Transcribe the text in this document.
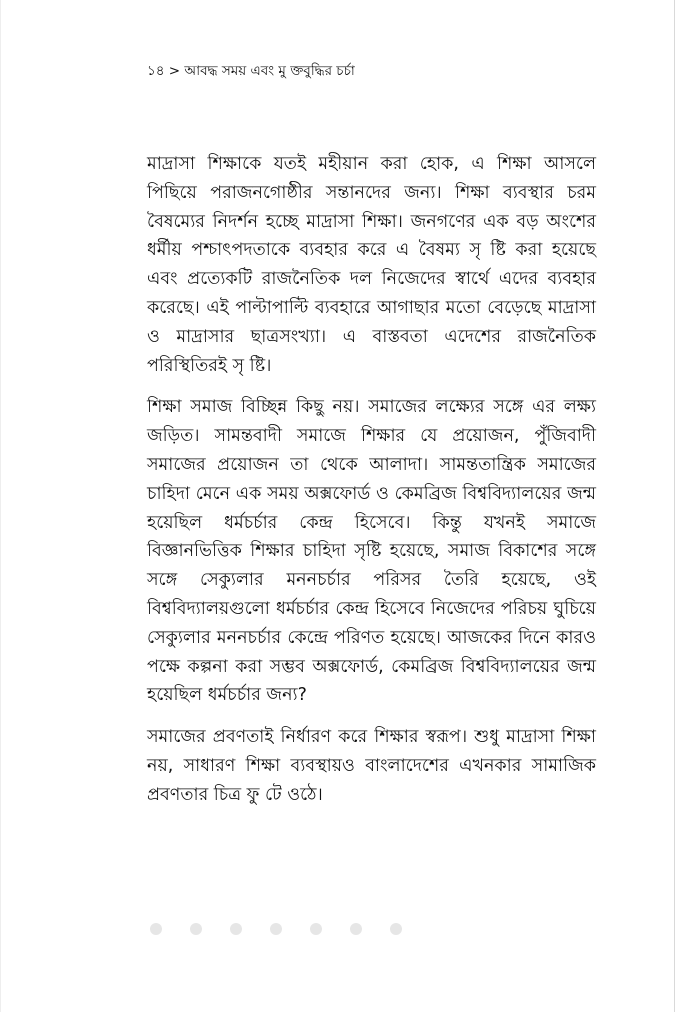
১৪ > আবদ্ধ সময় এবং মু ক্তবুদ্ধির চর্চা

মাদ্রাসা শিক্ষাকে যতই মহীয়ান করা হোক, এ শিক্ষা আসলে পিছিয়ে পরাজনগোষ্ঠীর সন্তানদের জন্য। শিক্ষা ব্যবস্থার চরম বৈষম্যের নিদর্শন হচ্ছে মাদ্রাসা শিক্ষা। জনগণের এক বড় অংশের ধর্মীয় পশ্চাৎপদতাকে ব্যবহার করে এ বৈষম্য সৃ ষ্টি করা হয়েছে এবং প্রত্যেকটি রাজনৈতিক দল নিজেদের স্বার্থে এদের ব্যবহার করেছে। এই পাল্টাপাল্টি ব্যবহারে আগাছার মতো বেড়েছে মাদ্রাসা ও মাদ্রাসার ছাত্রসংখ্যা। এ বাস্তবতা এদেশের রাজনৈতিক পরিস্থিতিরই সৃ ষ্টি।

শিক্ষা সমাজ বিচ্ছিন্ন কিছু নয়। সমাজের লক্ষ্যের সঙ্গে এর লক্ষ্য জড়িত। সামন্তবাদী সমাজে শিক্ষার যে প্রয়োজন, পুঁজিবাদী সমাজের প্রয়োজন তা থেকে আলাদা। সামন্ততান্ত্রিক সমাজের চাহিদা মেনে এক সময় অক্সফোর্ড ও কেমব্রিজ বিশ্ববিদ্যালয়ের জন্ম হয়েছিল ধর্মচর্চার কেন্দ্র হিসেবে। কিন্তু যখনই সমাজে বিজ্ঞানভিত্তিক শিক্ষার চাহিদা সৃষ্টি হয়েছে, সমাজ বিকাশের সঙ্গে সঙ্গে সেক্যুলার মননচর্চার পরিসর তৈরি হয়েছে, ওই বিশ্ববিদ্যালয়গুলো ধর্মচর্চার কেন্দ্র হিসেবে নিজেদের পরিচয় ঘুচিয়ে সেক্যুলার মননচর্চার কেন্দ্রে পরিণত হয়েছে। আজকের দিনে কারও পক্ষে কল্পনা করা সম্ভব অক্সফোর্ড, কেমব্রিজ বিশ্ববিদ্যালয়ের জন্ম হয়েছিল ধর্মচর্চার জন্য?

সমাজের প্রবণতাই নির্ধারণ করে শিক্ষার স্বরূপ। শুধু মাদ্রাসা শিক্ষা নয়, সাধারণ শিক্ষা ব্যবস্থায়ও বাংলাদেশের এখনকার সামাজিক প্রবণতার চিত্র ফু টে ওঠে।
